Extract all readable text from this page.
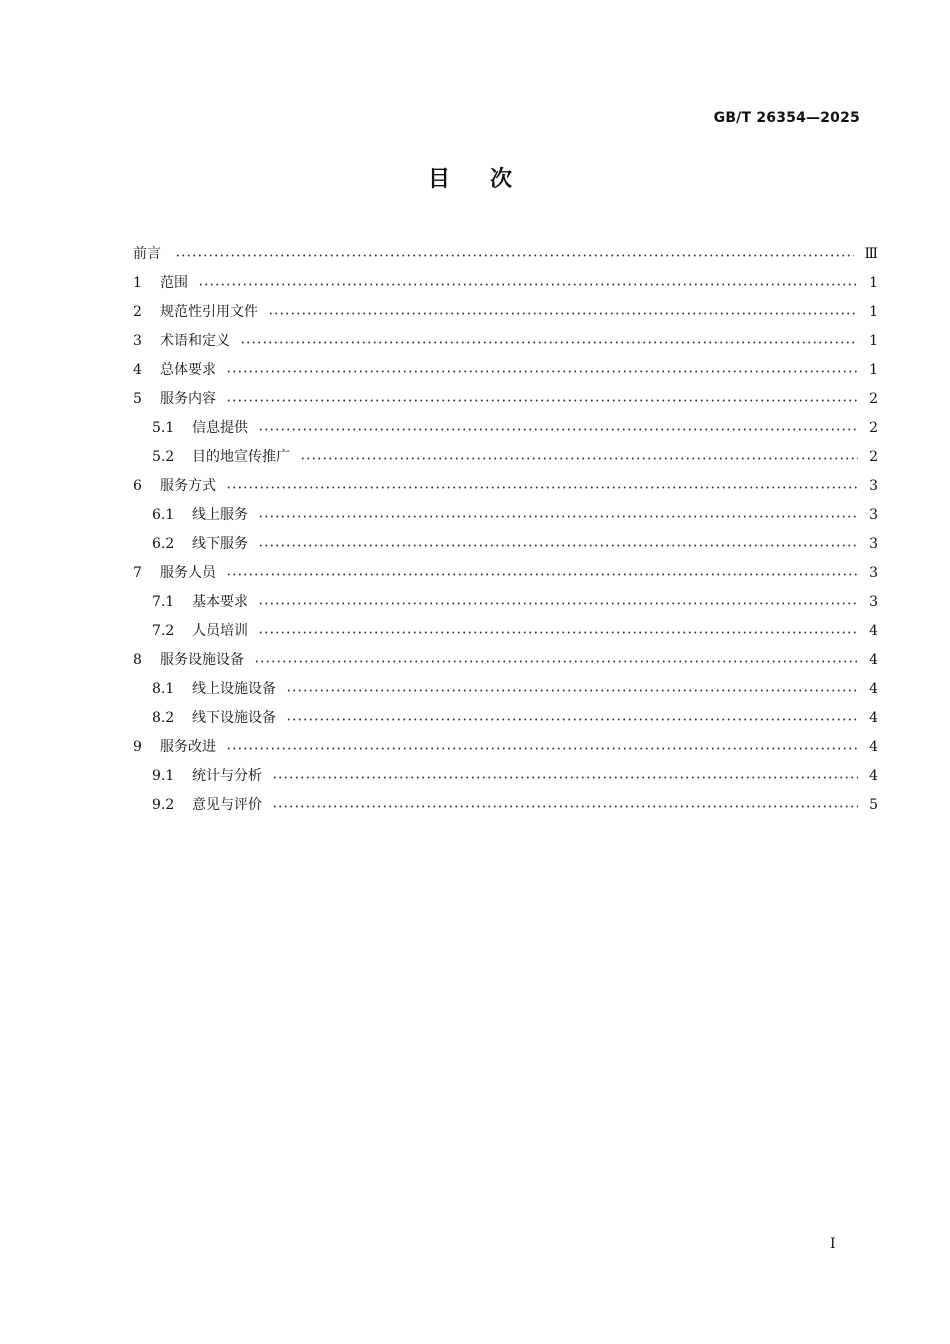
GB/T 26354—2025
目次
前言	Ⅲ
1	范围	1
2	规范性引用文件	1
3	术语和定义	1
4	总体要求	1
5	服务内容	2
5.1	信息提供	2
5.2	目的地宣传推广	2
6	服务方式	3
6.1	线上服务	3
6.2	线下服务	3
7	服务人员	3
7.1	基本要求	3
7.2	人员培训	4
8	服务设施设备	4
8.1	线上设施设备	4
8.2	线下设施设备	4
9	服务改进	4
9.1	统计与分析	4
9.2	意见与评价	5
I
